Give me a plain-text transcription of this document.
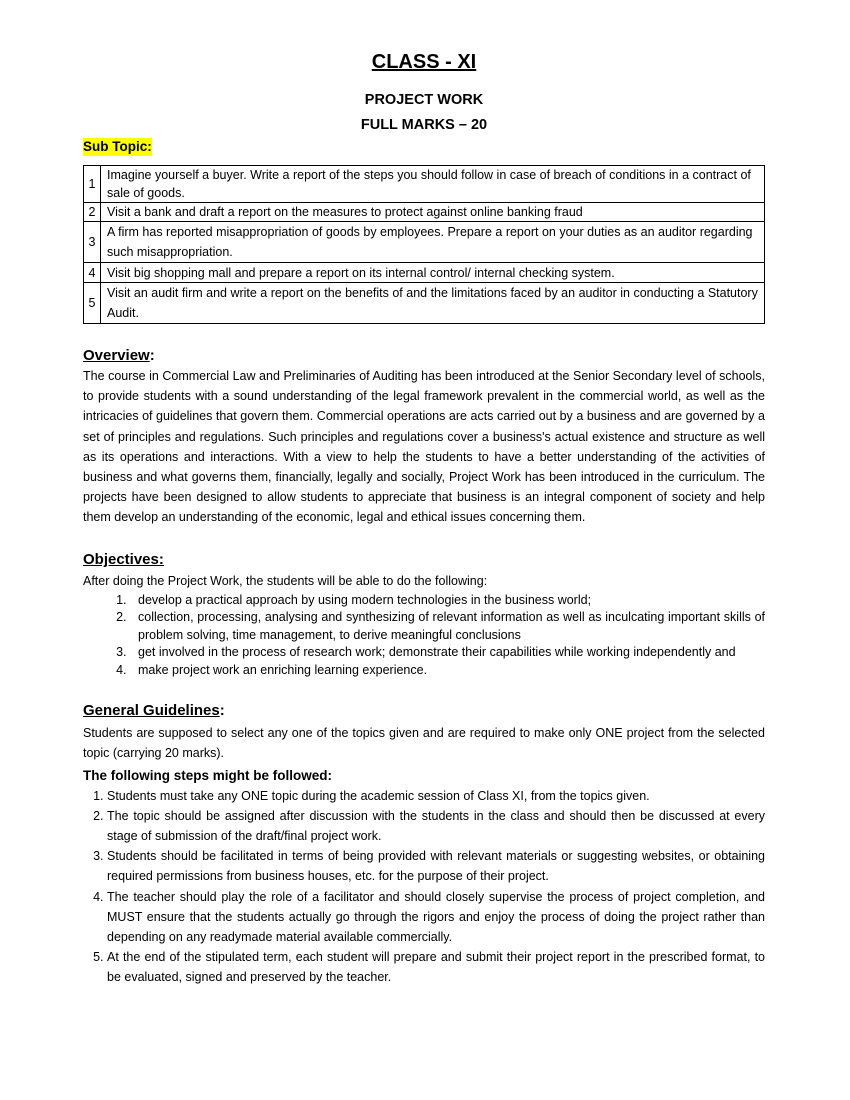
CLASS - XI
PROJECT WORK
FULL MARKS – 20
Sub Topic:
1	Imagine yourself a buyer. Write a report of the steps you should follow in case of breach of conditions in a contract of sale of goods.
2	Visit a bank and draft a report on the measures to protect against online banking fraud
3	A firm has reported misappropriation of goods by employees. Prepare a report on your duties as an auditor regarding such misappropriation.
4	Visit big shopping mall and prepare a report on its internal control/ internal checking system.
5	Visit an audit firm and write a report on the benefits of and the limitations faced by an auditor in conducting a Statutory Audit.
Overview:

The course in Commercial Law and Preliminaries of Auditing has been introduced at the Senior Secondary level of schools, to provide students with a sound understanding of the legal framework prevalent in the commercial world, as well as the intricacies of guidelines that govern them. Commercial operations are acts carried out by a business and are governed by a set of principles and regulations. Such principles and regulations cover a business's actual existence and structure as well as its operations and interactions. With a view to help the students to have a better understanding of the activities of business and what governs them, financially, legally and socially, Project Work has been introduced in the curriculum. The projects have been designed to allow students to appreciate that business is an integral component of society and help them develop an understanding of the economic, legal and ethical issues concerning them.

Objectives:

After doing the Project Work, the students will be able to do the following:

1. develop a practical approach by using modern technologies in the business world;
2. collection, processing, analysing and synthesizing of relevant information as well as inculcating important skills of problem solving, time management, to derive meaningful conclusions
3. get involved in the process of research work; demonstrate their capabilities while working independently and
4. make project work an enriching learning experience.
General Guidelines:

Students are supposed to select any one of the topics given and are required to make only ONE project from the selected topic (carrying 20 marks).

The following steps might be followed:
1. Students must take any ONE topic during the academic session of Class XI, from the topics given.
2. The topic should be assigned after discussion with the students in the class and should then be discussed at every stage of submission of the draft/final project work.
3. Students should be facilitated in terms of being provided with relevant materials or suggesting websites, or obtaining required permissions from business houses, etc. for the purpose of their project.
4. The teacher should play the role of a facilitator and should closely supervise the process of project completion, and MUST ensure that the students actually go through the rigors and enjoy the process of doing the project rather than depending on any readymade material available commercially.
5. At the end of the stipulated term, each student will prepare and submit their project report in the prescribed format, to be evaluated, signed and preserved by the teacher.
